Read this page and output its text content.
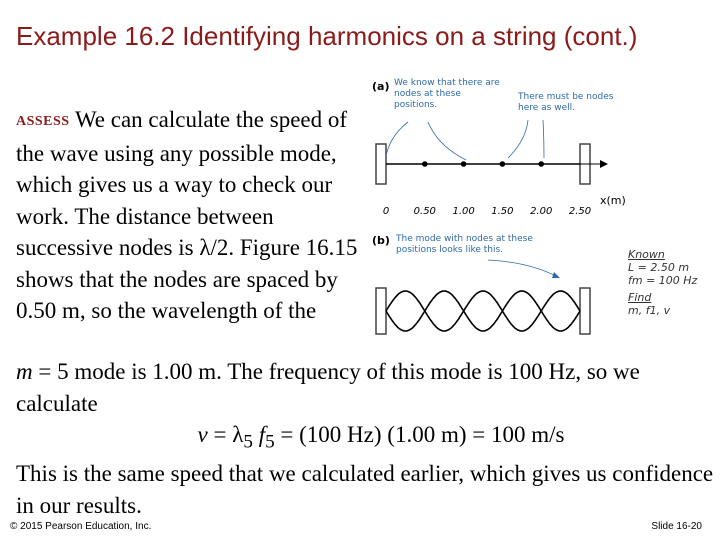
Example 16.2 Identifying harmonics on a string (cont.)
ASSESS We can calculate the speed of the wave using any possible mode, which gives us a way to check our work. The distance between successive nodes is λ/2. Figure 16.15 shows that the nodes are spaced by 0.50 m, so the wavelength of the
m = 5 mode is 1.00 m. The frequency of this mode is 100 Hz, so we calculate
$v = \lambda_5$ $f_5 = (100$ Hz) (1.00 m) = 100 m/s
This is the same speed that we calculated earlier, which gives us confidence in our results.
(a)
0 0.50 1.00 1.50 2.00 2.50
x(m)
We know that there are nodes at these positions.
There must be nodes here as well.
(b) The mode with nodes at these positions looks like this.	Known
L = 2.50 m
fm = 100 Hz
Find
m, f1, v
© 2015 Pearson Education, Inc.	Slide 16-20
